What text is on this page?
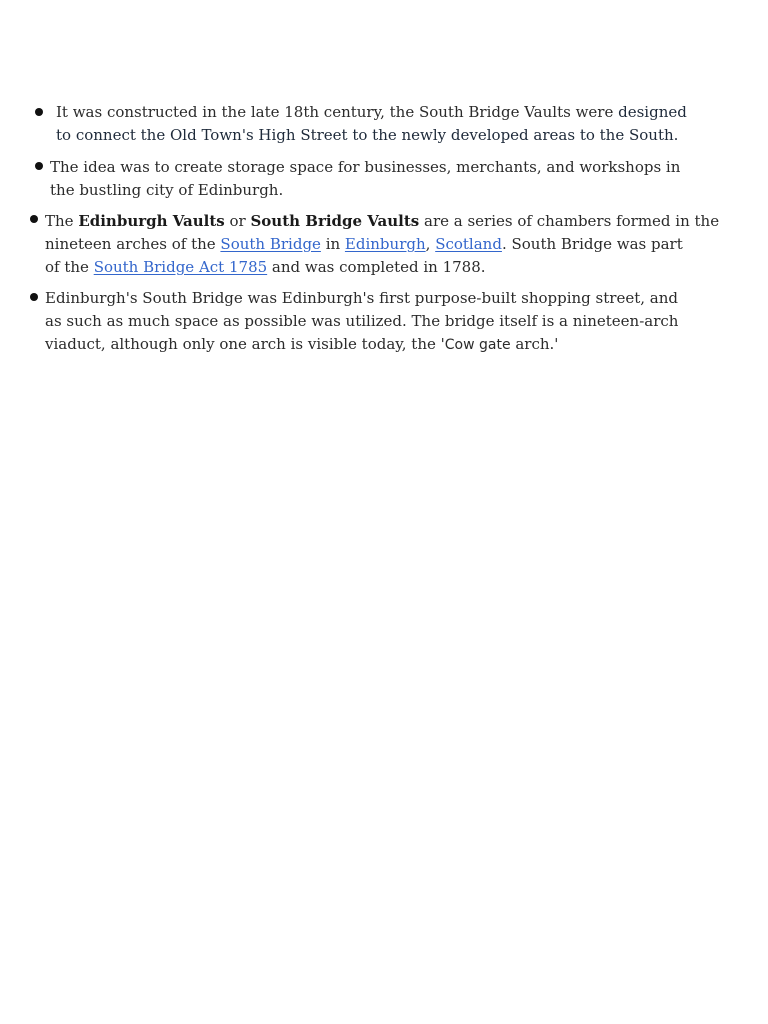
It was constructed in the late 18th century, the South Bridge Vaults were designed
to connect the Old Town's High Street to the newly developed areas to the South.
The idea was to create storage space for businesses, merchants, and workshops in
the bustling city of Edinburgh.
The Edinburgh Vaults or South Bridge Vaults are a series of chambers formed in the
nineteen arches of the South Bridge in Edinburgh, Scotland. South Bridge was part
of the South Bridge Act 1785 and was completed in 1788.
Edinburgh's South Bridge was Edinburgh's first purpose-built shopping street, and
as such as much space as possible was utilized. The bridge itself is a nineteen-arch
viaduct, although only one arch is visible today, the 'Cow gate arch.'
